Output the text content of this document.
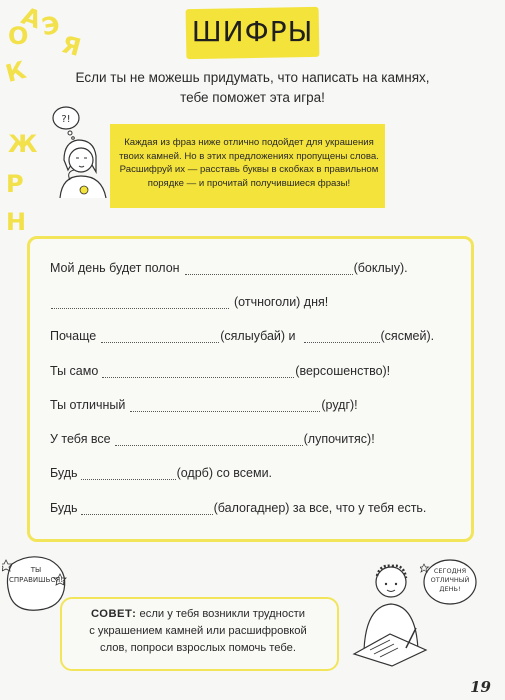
О
А
Э
Я
К
Ж
Р
Н
ШИФРЫ
Если ты не можешь придумать, что написать на камнях,
тебе поможет эта игра!
?!
Каждая из фраз ниже отлично подойдет для украшения
твоих камней. Но в этих предложениях пропущены слова.
Расшифруй их — расставь буквы в скобках в правильном
порядке — и прочитай получившиеся фразы!
Мой день будет полон	(боклыу).
(отчноголи) дня!
Почаще	(сялыубай) и	(сясмей).
Ты само	(версошенство)!
Ты отличный	(рудг)!
У тебя все	(лупочитяс)!
Будь	(одрб) со всеми.
Будь	(балогаднер) за все, что у тебя есть.
ТЫ
СПРАВИШЬСЯ!
СЕГОДНЯ
ОТЛИЧНЫЙ
ДЕНЬ!
СОВЕТ: если у тебя возникли трудности
с украшением камней или расшифровкой
слов, попроси взрослых помочь тебе.
19
